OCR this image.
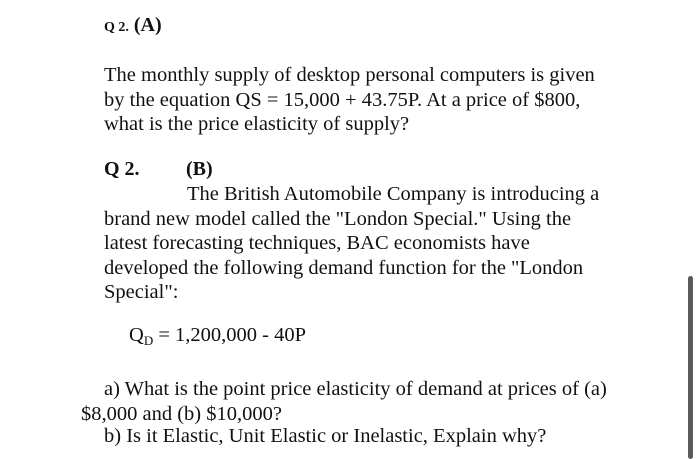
Q 2. (A)
The monthly supply of desktop personal computers is given
by the equation QS = 15,000 + 43.75P. At a price of $800,
what is the price elasticity of supply?
Q 2. (B)
The British Automobile Company is introducing a
brand new model called the "London Special." Using the
latest forecasting techniques, BAC economists have
developed the following demand function for the "London
Special":
$Q_D = 1,200,000 - 40P$
a) What is the point price elasticity of demand at prices of (a)
$8,000 and (b) $10,000?
b) Is it Elastic, Unit Elastic or Inelastic, Explain why?
